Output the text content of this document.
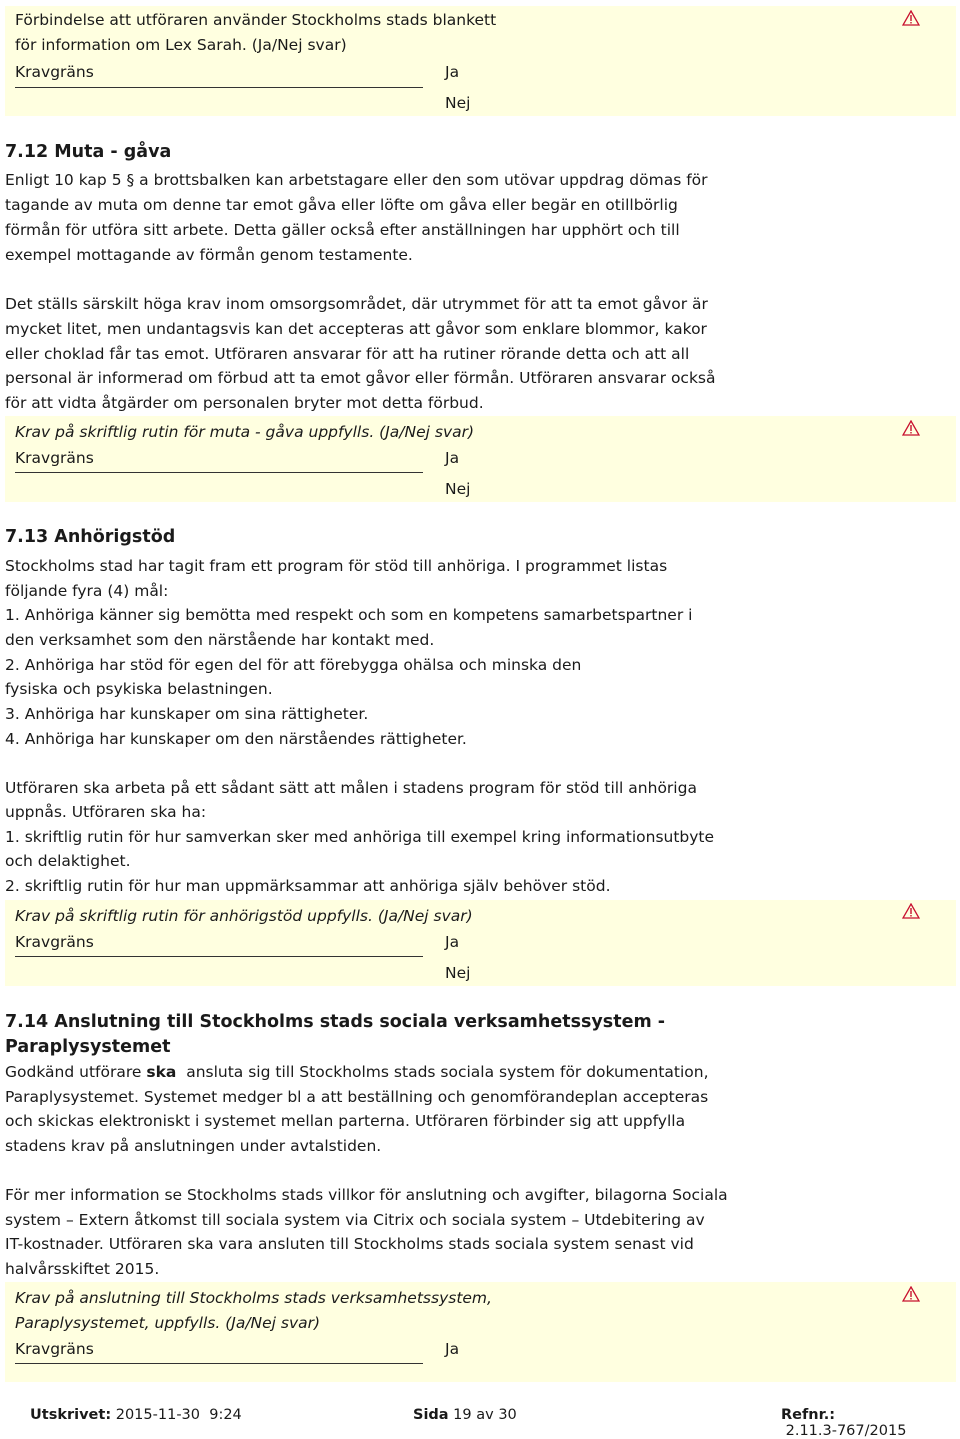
Förbindelse att utföraren använder Stockholms stads blankett
för information om Lex Sarah. (Ja/Nej svar)
Kravgräns	Ja
Nej
7.12 Muta - gåva
Enligt 10 kap 5 § a brottsbalken kan arbetstagare eller den som utövar uppdrag dömas för
tagande av muta om denne tar emot gåva eller löfte om gåva eller begär en otillbörlig
förmån för utföra sitt arbete. Detta gäller också efter anställningen har upphört och till
exempel mottagande av förmån genom testamente.
Det ställs särskilt höga krav inom omsorgsområdet, där utrymmet för att ta emot gåvor är
mycket litet, men undantagsvis kan det accepteras att gåvor som enklare blommor, kakor
eller choklad får tas emot. Utföraren ansvarar för att ha rutiner rörande detta och att all
personal är informerad om förbud att ta emot gåvor eller förmån. Utföraren ansvarar också
för att vidta åtgärder om personalen bryter mot detta förbud.
Krav på skriftlig rutin för muta - gåva uppfylls. (Ja/Nej svar)
Kravgräns	Ja
Nej
7.13 Anhörigstöd
Stockholms stad har tagit fram ett program för stöd till anhöriga. I programmet listas
följande fyra (4) mål:
1. Anhöriga känner sig bemötta med respekt och som en kompetens samarbetspartner i
den verksamhet som den närstående har kontakt med.
2. Anhöriga har stöd för egen del för att förebygga ohälsa och minska den
fysiska och psykiska belastningen.
3. Anhöriga har kunskaper om sina rättigheter.
4. Anhöriga har kunskaper om den närståendes rättigheter.
Utföraren ska arbeta på ett sådant sätt att målen i stadens program för stöd till anhöriga
uppnås. Utföraren ska ha:
1. skriftlig rutin för hur samverkan sker med anhöriga till exempel kring informationsutbyte
och delaktighet.
2. skriftlig rutin för hur man uppmärksammar att anhöriga själv behöver stöd.
Krav på skriftlig rutin för anhörigstöd uppfylls. (Ja/Nej svar)
Kravgräns	Ja
Nej
7.14 Anslutning till Stockholms stads sociala verksamhetssystem -
Paraplysystemet
Godkänd utförare ska  ansluta sig till Stockholms stads sociala system för dokumentation,
Paraplysystemet. Systemet medger bl a att beställning och genomförandeplan accepteras
och skickas elektroniskt i systemet mellan parterna. Utföraren förbinder sig att uppfylla
stadens krav på anslutningen under avtalstiden.
För mer information se Stockholms stads villkor för anslutning och avgifter, bilagorna Sociala
system – Extern åtkomst till sociala system via Citrix och sociala system – Utdebitering av
IT-kostnader. Utföraren ska vara ansluten till Stockholms stads sociala system senast vid
halvårsskiftet 2015.
Krav på anslutning till Stockholms stads verksamhetssystem,
Paraplysystemet, uppfylls. (Ja/Nej svar)
Kravgräns	Ja
Utskrivet: 2015-11-30  9:24	Sida 19 av 30	Refnr.: 2.11.3-767/2015
